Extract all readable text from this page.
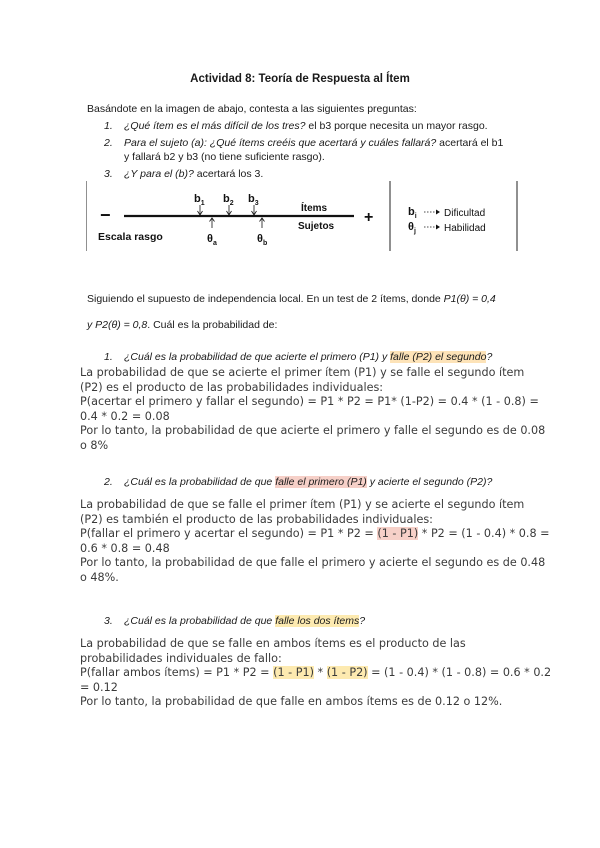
Actividad 8: Teoría de Respuesta al Ítem
Basándote en la imagen de abajo, contesta a las siguientes preguntas:
1. ¿Qué ítem es el más difícil de los tres? el b3 porque necesita un mayor rasgo.
2. Para el sujeto (a): ¿Qué ítems creéis que acertará y cuáles fallará? acertará el b1
y fallará b2 y b3 (no tiene suficiente rasgo).
3. ¿Y para el (b)? acertará los 3.
−	+
Escala rasgo
Ítems
Sujetos
$b_1$ $b_2$ $b_3$
$\theta_a$	$\theta_b$
$b_i$	Dificultad
$\theta_j$	Habilidad
Siguiendo el supuesto de independencia local. En un test de 2 ítems, donde P1(θ) = 0,4
y P2(θ) = 0,8. Cuál es la probabilidad de:
1. ¿Cuál es la probabilidad de que acierte el primero (P1) y falle (P2) el segundo?
La probabilidad de que se acierte el primer ítem (P1) y se falle el segundo ítem
(P2) es el producto de las probabilidades individuales:
P(acertar el primero y fallar el segundo) = P1 * P2 = P1* (1-P2) = 0.4 * (1 - 0.8) =
0.4 * 0.2 = 0.08
Por lo tanto, la probabilidad de que acierte el primero y falle el segundo es de 0.08
o 8%
2. ¿Cuál es la probabilidad de que falle el primero (P1) y acierte el segundo (P2)?
La probabilidad de que se falle el primer ítem (P1) y se acierte el segundo ítem
(P2) es también el producto de las probabilidades individuales:
P(fallar el primero y acertar el segundo) = P1 * P2 = (1 - P1) * P2 = (1 - 0.4) * 0.8 =
0.6 * 0.8 = 0.48
Por lo tanto, la probabilidad de que falle el primero y acierte el segundo es de 0.48
o 48%.
3. ¿Cuál es la probabilidad de que falle los dos ítems?
La probabilidad de que se falle en ambos ítems es el producto de las
probabilidades individuales de fallo:
P(fallar ambos ítems) = P1 * P2 = (1 - P1) * (1 - P2) = (1 - 0.4) * (1 - 0.8) = 0.6 * 0.2
= 0.12
Por lo tanto, la probabilidad de que falle en ambos ítems es de 0.12 o 12%.
